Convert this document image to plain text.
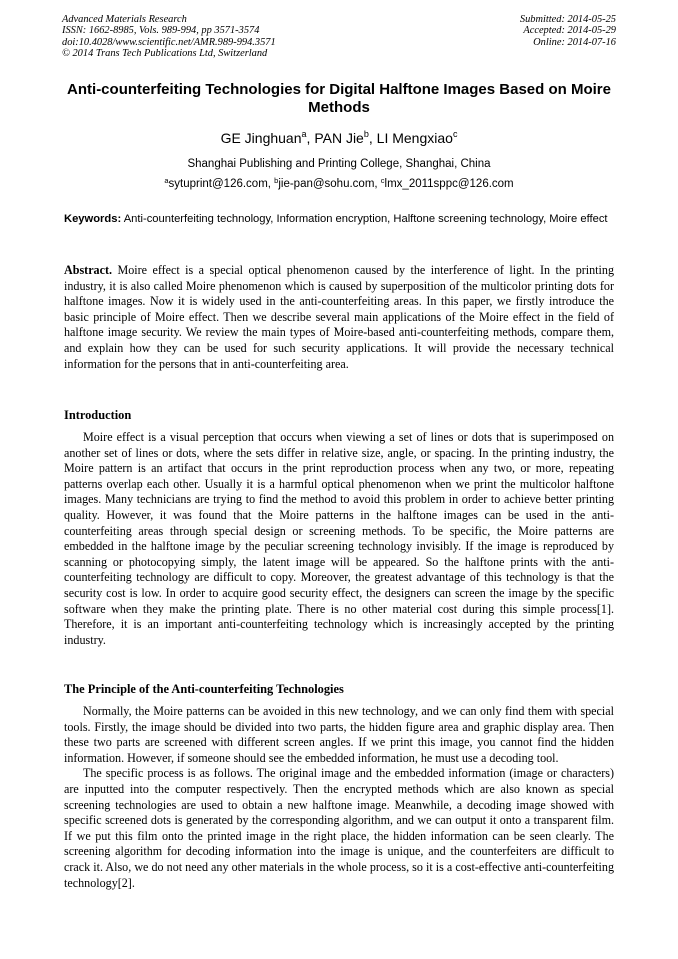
Advanced Materials Research
ISSN: 1662-8985, Vols. 989-994, pp 3571-3574
doi:10.4028/www.scientific.net/AMR.989-994.3571
© 2014 Trans Tech Publications Ltd, Switzerland
Submitted: 2014-05-25
Accepted: 2014-05-29
Online: 2014-07-16
Anti-counterfeiting Technologies for Digital Halftone Images Based on Moire Methods
GE Jinghuan$^a$, PAN Jie$^b$, LI Mengxiao$^c$
Shanghai Publishing and Printing College, Shanghai, China
$^a$sytuprint@126.com, $^b$jie-pan@sohu.com, $^c$lmx_2011sppc@126.com
Keywords: Anti-counterfeiting technology, Information encryption, Halftone screening technology, Moire effect

Abstract. Moire effect is a special optical phenomenon caused by the interference of light. In the printing industry, it is also called Moire phenomenon which is caused by superposition of the multicolor printing dots for halftone images. Now it is widely used in the anti-counterfeiting areas. In this paper, we firstly introduce the basic principle of Moire effect. Then we describe several main applications of the Moire effect in the field of halftone image security. We review the main types of Moire-based anti-counterfeiting methods, compare them, and explain how they can be used for such security applications. It will provide the necessary technical information for the persons that in anti-counterfeiting area.

Introduction

Moire effect is a visual perception that occurs when viewing a set of lines or dots that is superimposed on another set of lines or dots, where the sets differ in relative size, angle, or spacing. In the printing industry, the Moire pattern is an artifact that occurs in the print reproduction process when any two, or more, repeating patterns overlap each other. Usually it is a harmful optical phenomenon when we print the multicolor halftone images. Many technicians are trying to find the method to avoid this problem in order to achieve better printing quality. However, it was found that the Moire patterns in the halftone images can be used in the anti-counterfeiting areas through special design or screening methods. To be specific, the Moire patterns are embedded in the halftone image by the peculiar screening technology invisibly. If the image is reproduced by scanning or photocopying simply, the latent image will be appeared. So the halftone prints with the anti-counterfeiting technology are difficult to copy. Moreover, the greatest advantage of this technology is that the security cost is low. In order to acquire good security effect, the designers can screen the image by the specific software when they make the printing plate. There is no other material cost during this simple process[1]. Therefore, it is an important anti-counterfeiting technology which is increasingly accepted by the printing industry.

The Principle of the Anti-counterfeiting Technologies

Normally, the Moire patterns can be avoided in this new technology, and we can only find them with special tools. Firstly, the image should be divided into two parts, the hidden figure area and graphic display area. Then these two parts are screened with different screen angles. If we print this image, you cannot find the hidden information. However, if someone should see the embedded information, he must use a decoding tool.

The specific process is as follows. The original image and the embedded information (image or characters) are inputted into the computer respectively. Then the encrypted methods which are also known as special screening technologies are used to obtain a new halftone image. Meanwhile, a decoding image showed with specific screened dots is generated by the corresponding algorithm, and we can output it onto a transparent film. If we put this film onto the printed image in the right place, the hidden information can be seen clearly. The screening algorithm for decoding information into the image is unique, and the counterfeiters are difficult to crack it. Also, we do not need any other materials in the whole process, so it is a cost-effective anti-counterfeiting technology[2].
